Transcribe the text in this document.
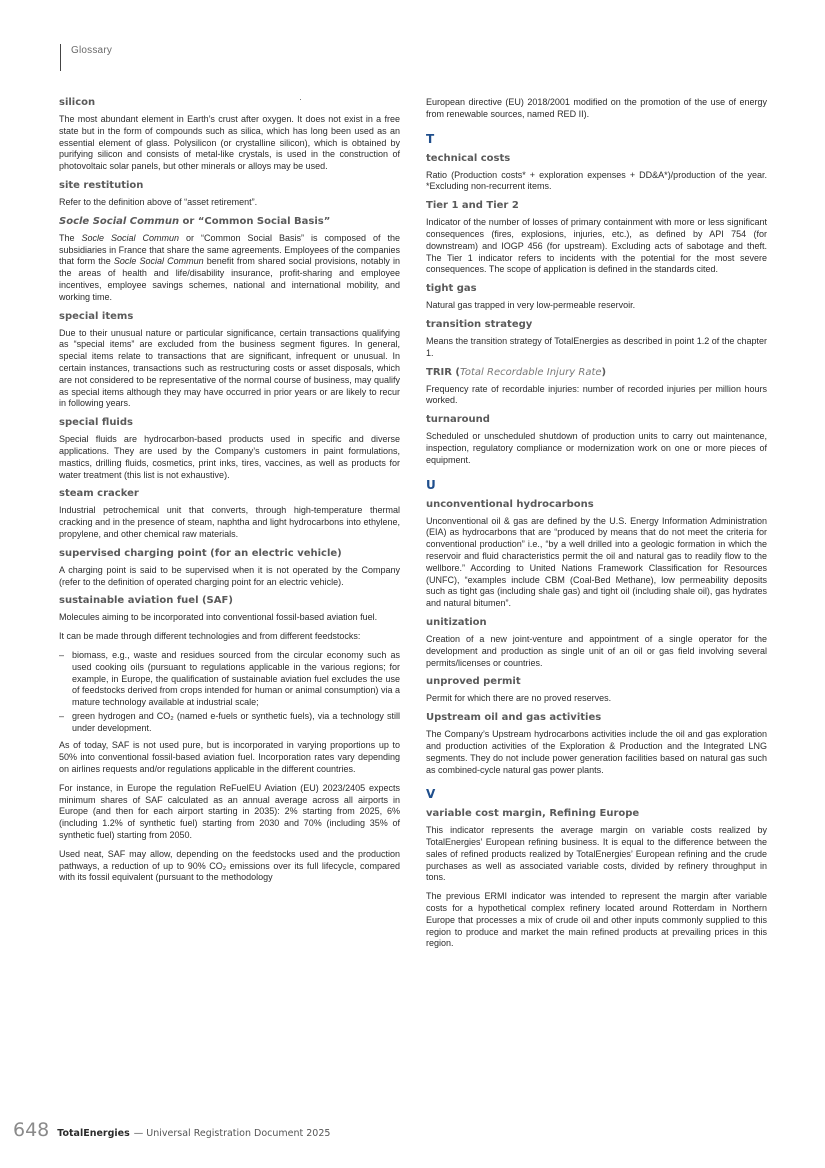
Glossary
silicon

The most abundant element in Earth’s crust after oxygen. It does not exist in a free state but in the form of compounds such as silica, which has long been used as an essential element of glass. Polysilicon (or crystalline silicon), which is obtained by purifying silicon and consists of metal-like crystals, is used in the construction of photovoltaic solar panels, but other minerals or alloys may be used.

site restitution

Refer to the definition above of “asset retirement”.

Socle Social Commun or “Common Social Basis”

The Socle Social Commun or “Common Social Basis” is composed of the subsidiaries in France that share the same agreements. Employees of the companies that form the Socle Social Commun benefit from shared social provisions, notably in the areas of health and life/disability insurance, profit-sharing and employee incentives, employee savings schemes, national and international mobility, and working time.

special items

Due to their unusual nature or particular significance, certain transactions qualifying as “special items” are excluded from the business segment figures. In general, special items relate to transactions that are significant, infrequent or unusual. In certain instances, transactions such as restructuring costs or asset disposals, which are not considered to be representative of the normal course of business, may qualify as special items although they may have occurred in prior years or are likely to recur in following years.

special fluids

Special fluids are hydrocarbon-based products used in specific and diverse applications. They are used by the Company’s customers in paint formulations, mastics, drilling fluids, cosmetics, print inks, tires, vaccines, as well as products for water treatment (this list is not exhaustive).

steam cracker

Industrial petrochemical unit that converts, through high-temperature thermal cracking and in the presence of steam, naphtha and light hydrocarbons into ethylene, propylene, and other chemical raw materials.

supervised charging point (for an electric vehicle)

A charging point is said to be supervised when it is not operated by the Company (refer to the definition of operated charging point for an electric vehicle).

sustainable aviation fuel (SAF)

Molecules aiming to be incorporated into conventional fossil-based aviation fuel.

It can be made through different technologies and from different feedstocks:

– biomass, e.g., waste and residues sourced from the circular economy such as used cooking oils (pursuant to regulations applicable in the various regions; for example, in Europe, the qualification of sustainable aviation fuel excludes the use of feedstocks derived from crops intended for human or animal consumption) via a mature technology available at industrial scale;
– green hydrogen and CO₂ (named e-fuels or synthetic fuels), via a technology still under development.

As of today, SAF is not used pure, but is incorporated in varying proportions up to 50% into conventional fossil-based aviation fuel. Incorporation rates vary depending on airlines requests and/or regulations applicable in the different countries.

For instance, in Europe the regulation ReFuelEU Aviation (EU) 2023/2405 expects minimum shares of SAF calculated as an annual average across all airports in Europe (and then for each airport starting in 2035): 2% starting from 2025, 6% (including 1.2% of synthetic fuel) starting from 2030 and 70% (including 35% of synthetic fuel) starting from 2050.

Used neat, SAF may allow, depending on the feedstocks used and the production pathways, a reduction of up to 90% CO₂ emissions over its full lifecycle, compared with its fossil equivalent (pursuant to the methodology

European directive (EU) 2018/2001 modified on the promotion of the use of energy from renewable sources, named RED II).

T
technical costs

Ratio (Production costs* + exploration expenses + DD&A*)/production of the year. *Excluding non-recurrent items.

Tier 1 and Tier 2

Indicator of the number of losses of primary containment with more or less significant consequences (fires, explosions, injuries, etc.), as defined by API 754 (for downstream) and IOGP 456 (for upstream). Excluding acts of sabotage and theft. The Tier 1 indicator refers to incidents with the potential for the most severe consequences. The scope of application is defined in the standards cited.

tight gas

Natural gas trapped in very low-permeable reservoir.

transition strategy

Means the transition strategy of TotalEnergies as described in point 1.2 of the chapter 1.

TRIR (Total Recordable Injury Rate)

Frequency rate of recordable injuries: number of recorded injuries per million hours worked.

turnaround

Scheduled or unscheduled shutdown of production units to carry out maintenance, inspection, regulatory compliance or modernization work on one or more pieces of equipment.

U
unconventional hydrocarbons

Unconventional oil & gas are defined by the U.S. Energy Information Administration (EIA) as hydrocarbons that are “produced by means that do not meet the criteria for conventional production” i.e., “by a well drilled into a geologic formation in which the reservoir and fluid characteristics permit the oil and natural gas to readily flow to the wellbore.” According to United Nations Framework Classification for Resources (UNFC), “examples include CBM (Coal-Bed Methane), low permeability deposits such as tight gas (including shale gas) and tight oil (including shale oil), gas hydrates and natural bitumen”.

unitization

Creation of a new joint-venture and appointment of a single operator for the development and production as single unit of an oil or gas field involving several permits/licenses or countries.

unproved permit

Permit for which there are no proved reserves.

Upstream oil and gas activities

The Company’s Upstream hydrocarbons activities include the oil and gas exploration and production activities of the Exploration & Production and the Integrated LNG segments. They do not include power generation facilities based on natural gas such as combined-cycle natural gas power plants.

V
variable cost margin, Refining Europe

This indicator represents the average margin on variable costs realized by TotalEnergies’ European refining business. It is equal to the difference between the sales of refined products realized by TotalEnergies’ European refining and the crude purchases as well as associated variable costs, divided by refinery throughput in tons.

The previous ERMI indicator was intended to represent the margin after variable costs for a hypothetical complex refinery located around Rotterdam in Northern Europe that processes a mix of crude oil and other inputs commonly supplied to this region to produce and market the main refined products at prevailing prices in this region.

648 TotalEnergies — Universal Registration Document 2025
